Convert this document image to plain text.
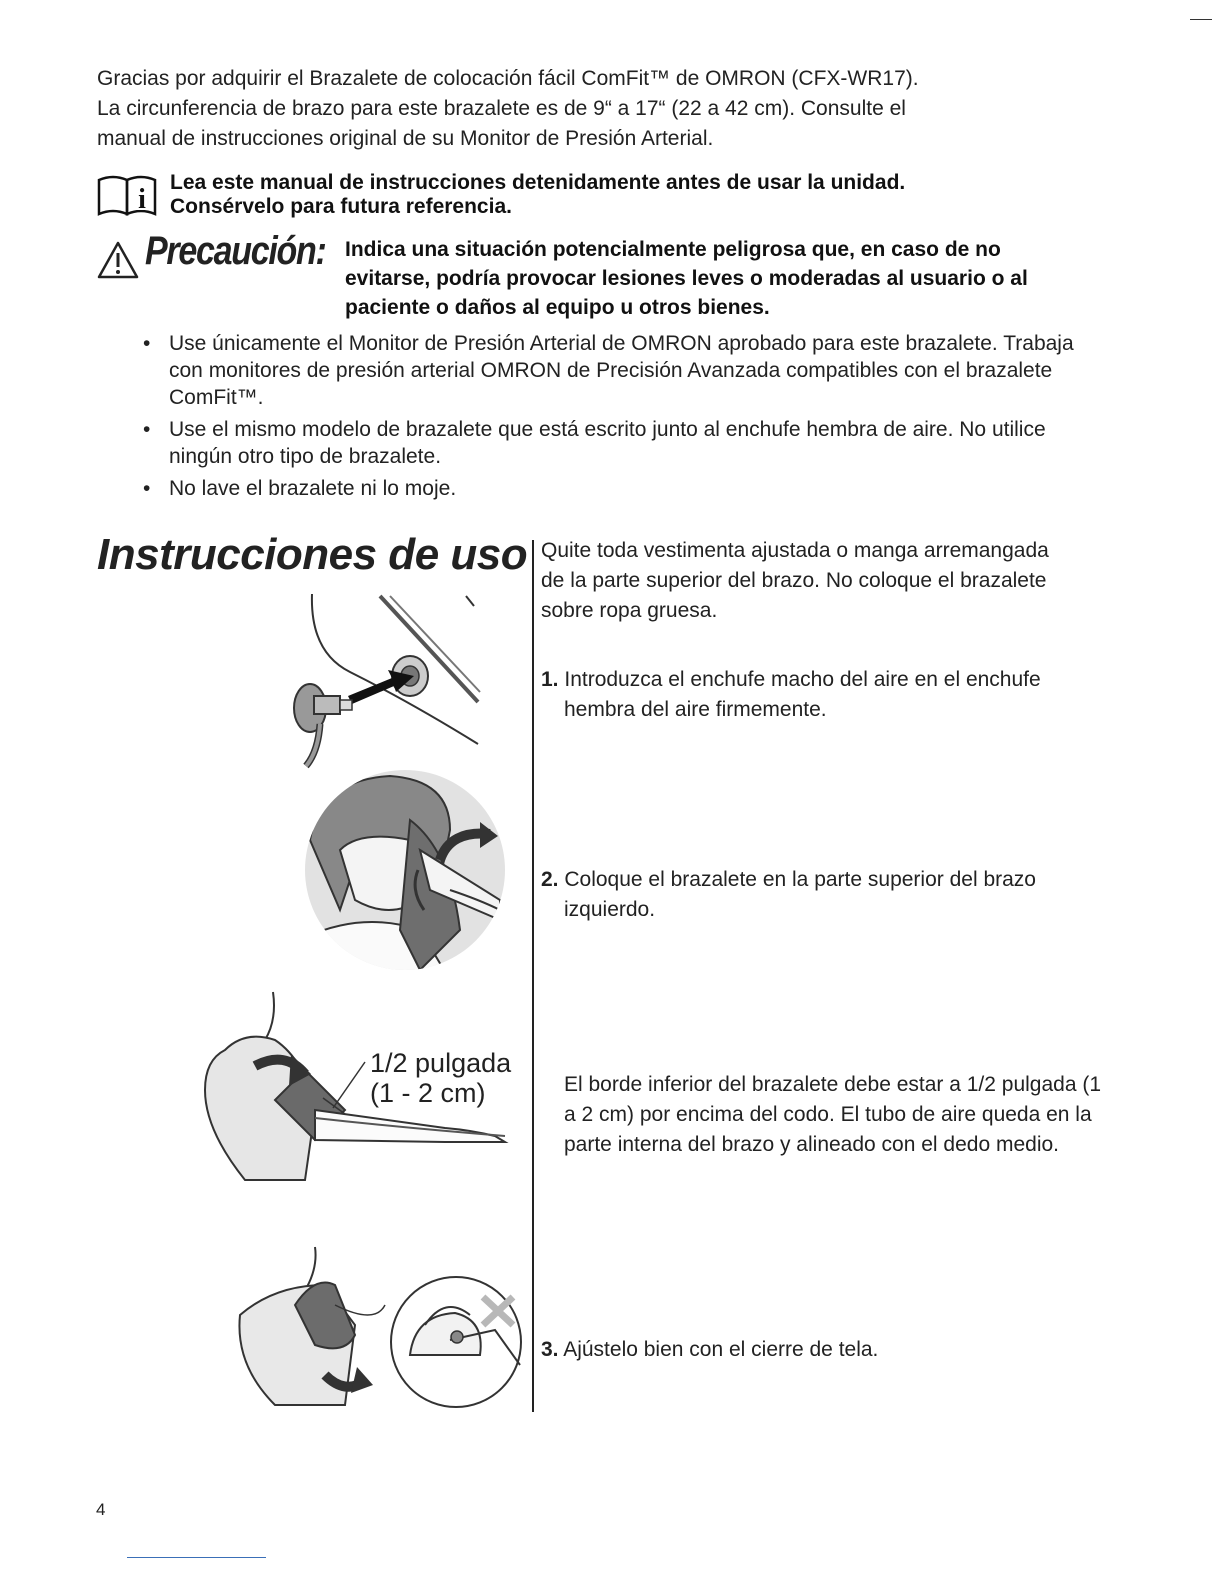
Gracias por adquirir el Brazalete de colocación fácil ComFit™ de OMRON (CFX-WR17).
La circunferencia de brazo para este brazalete es de 9“ a 17“ (22 a 42 cm). Consulte el
manual de instrucciones original de su Monitor de Presión Arterial.
i
Lea este manual de instrucciones detenidamente antes de usar la unidad.
Consérvelo para futura referencia.
Precaución: Indica una situación potencialmente peligrosa que, en caso de no evitarse, podría provocar lesiones leves o moderadas al usuario o al paciente o daños al equipo u otros bienes.
• Use únicamente el Monitor de Presión Arterial de OMRON aprobado para este brazalete. Trabaja con monitores de presión arterial OMRON de Precisión Avanzada compatibles con el brazalete ComFit™.
• Use el mismo modelo de brazalete que está escrito junto al enchufe hembra de aire. No utilice ningún otro tipo de brazalete.
• No lave el brazalete ni lo moje.
Instrucciones de uso Quite toda vestimenta ajustada o manga arremangada de la parte superior del brazo. No coloque el brazalete sobre ropa gruesa.
1. Introduzca el enchufe macho del aire en el enchufe hembra del aire firmemente.
2. Coloque el brazalete en la parte superior del brazo izquierdo.
El borde inferior del brazalete debe estar a 1/2 pulgada (1 a 2 cm) por encima del codo. El tubo de aire queda en la parte interna del brazo y alineado con el dedo medio.
3. Ajústelo bien con el cierre de tela.
1/2 pulgada
(1 - 2 cm)
4
